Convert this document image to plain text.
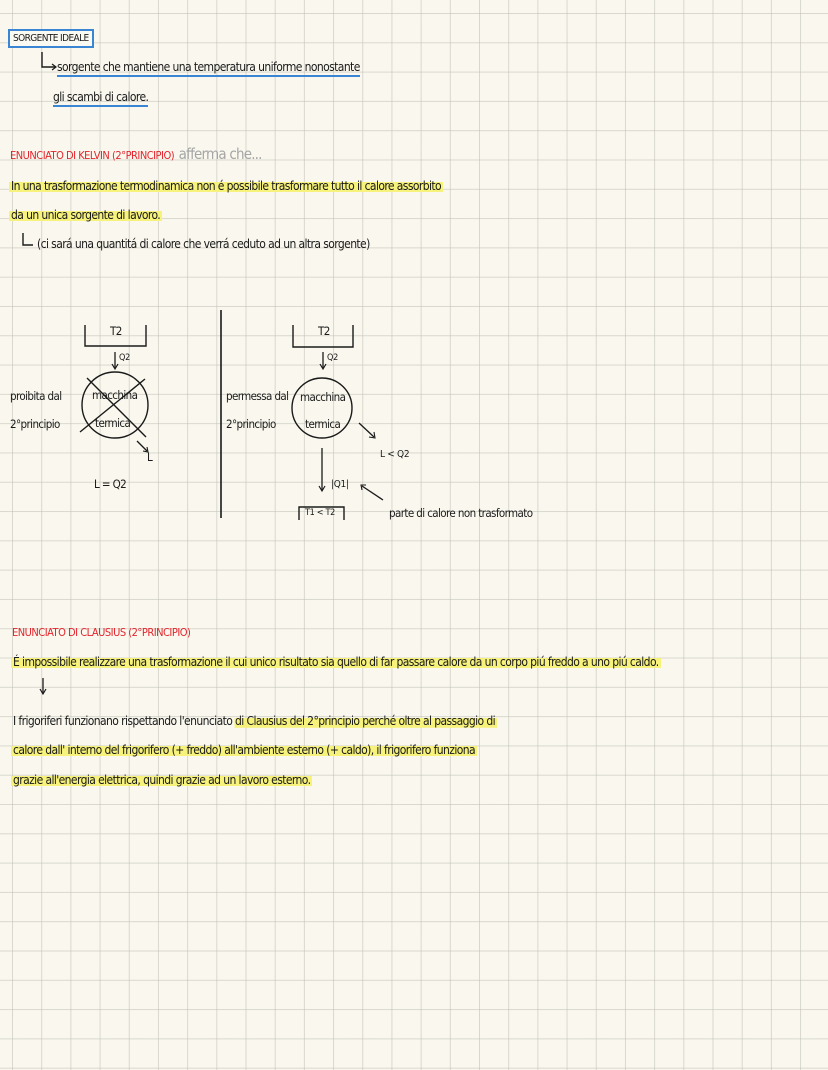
SORGENTE IDEALE
sorgente che mantiene una temperatura uniforme nonostante
gli scambi di calore.
ENUNCIATO DI KELVIN (2°PRINCIPIO) afferma che...
In una trasformazione termodinamica non é possibile trasformare tutto il calore assorbito
da un unica sorgente di lavoro.
(ci sará una quantitá di calore che verrá ceduto ad un altra sorgente)
proibita dal
2°principio
T2
Q2
macchina
termica
L
L = Q2
permessa dal
2°principio
T2
Q2
macchina
termica
L < Q2
|Q1|
T1 < T2	parte di calore non trasformato
ENUNCIATO DI CLAUSIUS (2°PRINCIPIO)
É impossibile realizzare una trasformazione il cui unico risultato sia quello di far passare calore da un corpo piú freddo a uno piú caldo.
I frigoriferi funzionano rispettando l'enunciato di Clausius del 2°principio perché oltre al passaggio di
calore dall' interno del frigorifero (+ freddo) all'ambiente esterno (+ caldo), il frigorifero funziona
grazie all'energia elettrica, quindi grazie ad un lavoro esterno.
